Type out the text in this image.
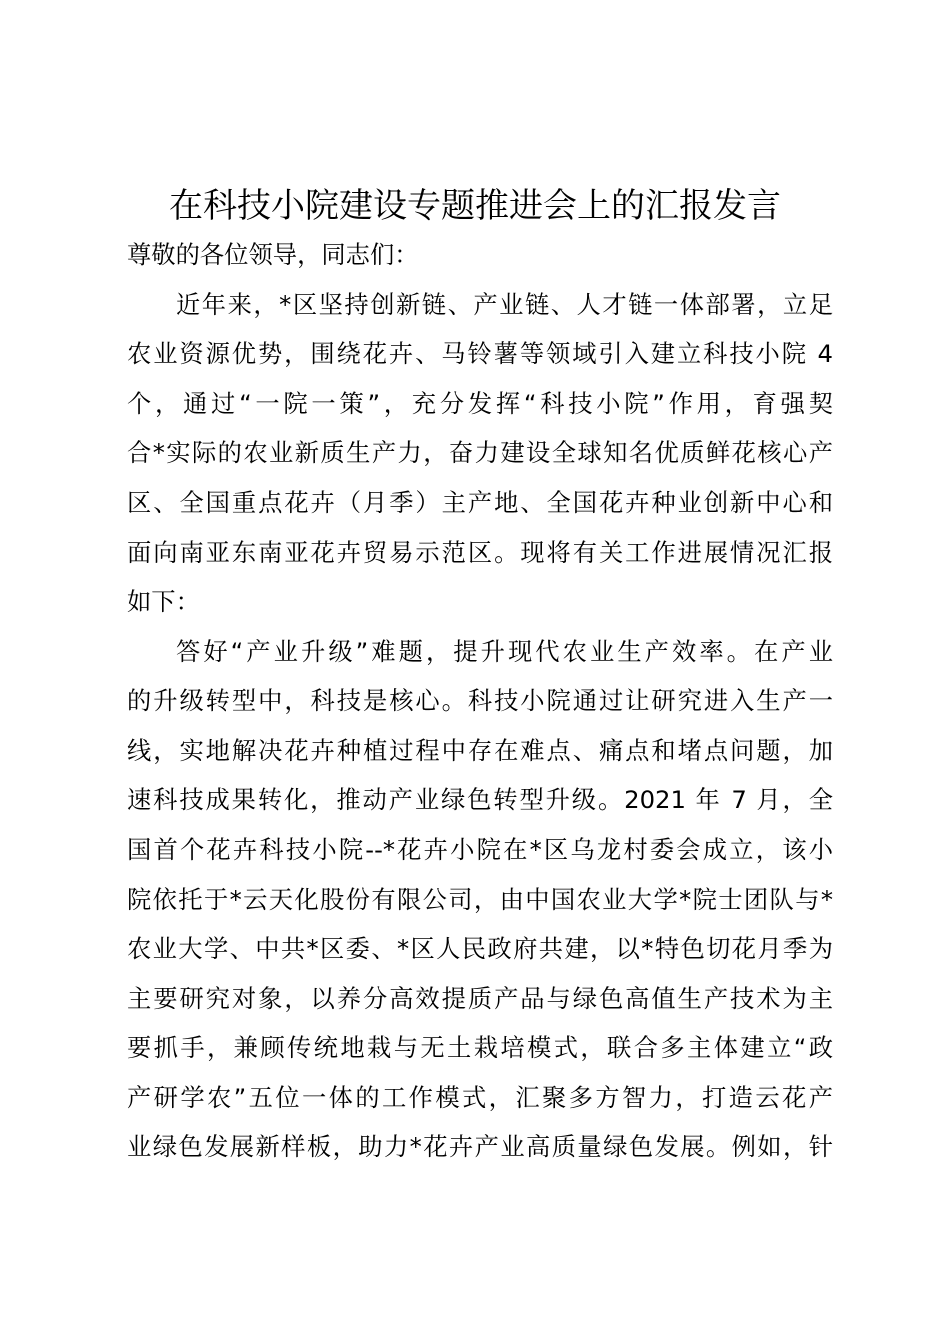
在科技小院建设专题推进会上的汇报发言
尊敬的各位领导，同志们：
近年来，*区坚持创新链、产业链、人才链一体部署，立足
农业资源优势，围绕花卉、马铃薯等领域引入建立科技小院 4
个，通过“一院一策”，充分发挥“科技小院”作用，育强契
合*实际的农业新质生产力，奋力建设全球知名优质鲜花核心产
区、全国重点花卉（月季）主产地、全国花卉种业创新中心和
面向南亚东南亚花卉贸易示范区。现将有关工作进展情况汇报
如下：
答好“产业升级”难题，提升现代农业生产效率。在产业
的升级转型中，科技是核心。科技小院通过让研究进入生产一
线，实地解决花卉种植过程中存在难点、痛点和堵点问题，加
速科技成果转化，推动产业绿色转型升级。2021 年 7 月，全
国首个花卉科技小院--*花卉小院在*区乌龙村委会成立，该小
院依托于*云天化股份有限公司，由中国农业大学*院士团队与*
农业大学、中共*区委、*区人民政府共建，以*特色切花月季为
主要研究对象，以养分高效提质产品与绿色高值生产技术为主
要抓手，兼顾传统地栽与无土栽培模式，联合多主体建立“政
产研学农”五位一体的工作模式，汇聚多方智力，打造云花产
业绿色发展新样板，助力*花卉产业高质量绿色发展。例如，针
